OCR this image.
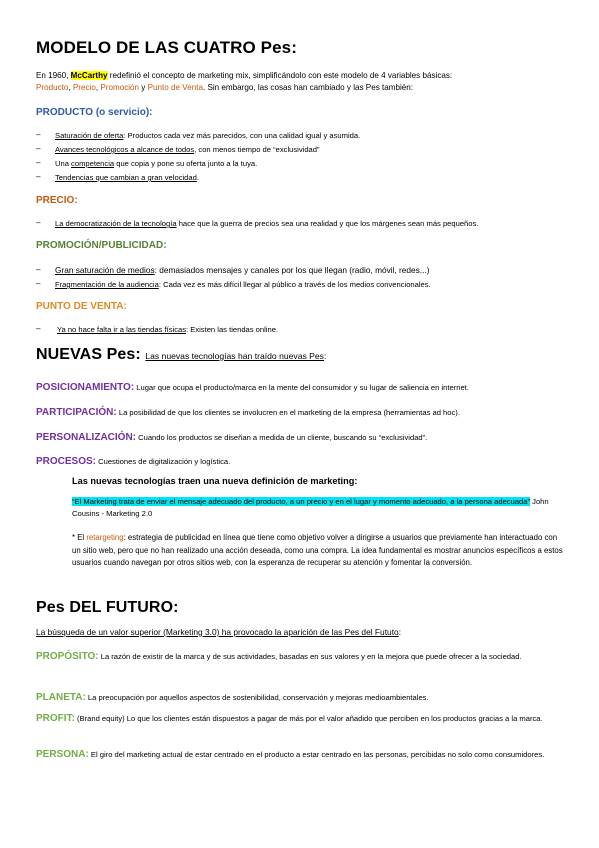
MODELO DE LAS CUATRO Pes:
En 1960, McCarthy redefinió el concepto de marketing mix, simplificándolo con este modelo de 4 variables básicas:
Producto, Precio, Promoción y Punto de Venta. Sin embargo, las cosas han cambiado y las Pes también:
PRODUCTO (o servicio):
– Saturación de oferta: Productos cada vez más parecidos, con una calidad igual y asumida.
– Avances tecnológicos a alcance de todos, con menos tiempo de “exclusividad”
– Una competencia que copia y pone su oferta junto a la tuya.
– Tendencias que cambian a gran velocidad.
PRECIO:
– La democratización de la tecnología hace que la guerra de precios sea una realidad y que los márgenes sean más pequeños.
PROMOCIÓN/PUBLICIDAD:
– Gran saturación de medios: demasiados mensajes y canales por los que llegan (radio, móvil, redes...)
– Fragmentación de la audiencia: Cada vez es más difícil llegar al público a través de los medios convencionales.
PUNTO DE VENTA:
– Ya no hace falta ir a las tiendas físicas: Existen las tiendas online.
NUEVAS Pes: Las nuevas tecnologías han traído nuevas Pes:
POSICIONAMIENTO: Lugar que ocupa el producto/marca en la mente del consumidor y su lugar de saliencia en internet.
PARTICIPACIÓN: La posibilidad de que los clientes se involucren en el marketing de la empresa (herramientas ad hoc).
PERSONALIZACIÓN: Cuando los productos se diseñan a medida de un cliente, buscando su “exclusividad”.
PROCESOS: Cuestiones de digitalización y logística.
Las nuevas tecnologías traen una nueva definición de marketing:
“El Marketing trata de enviar el mensaje adecuado del producto, a un precio y en el lugar y momento adecuado, a la persona adecuada” John Cousins - Marketing 2.0
* El retargeting: estrategia de publicidad en línea que tiene como objetivo volver a dirigirse a usuarios que previamente han interactuado con un sitio web, pero que no han realizado una acción deseada, como una compra. La idea fundamental es mostrar anuncios específicos a estos usuarios cuando navegan por otros sitios web, con la esperanza de recuperar su atención y fomentar la conversión.
Pes DEL FUTURO:
La búsqueda de un valor superior (Marketing 3.0) ha provocado la aparición de las Pes del Fututo:
PROPÓSITO: La razón de existir de la marca y de sus actividades, basadas en sus valores y en la mejora que puede ofrecer a la sociedad.
PLANETA: La preocupación por aquellos aspectos de sostenibilidad, conservación y mejoras medioambientales.
PROFIT: (Brand equity) Lo que los clientes están dispuestos a pagar de más por el valor añadido que perciben en los productos gracias a la marca.
PERSONA: El giro del marketing actual de estar centrado en el producto a estar centrado en las personas, percibidas no solo como consumidores.
